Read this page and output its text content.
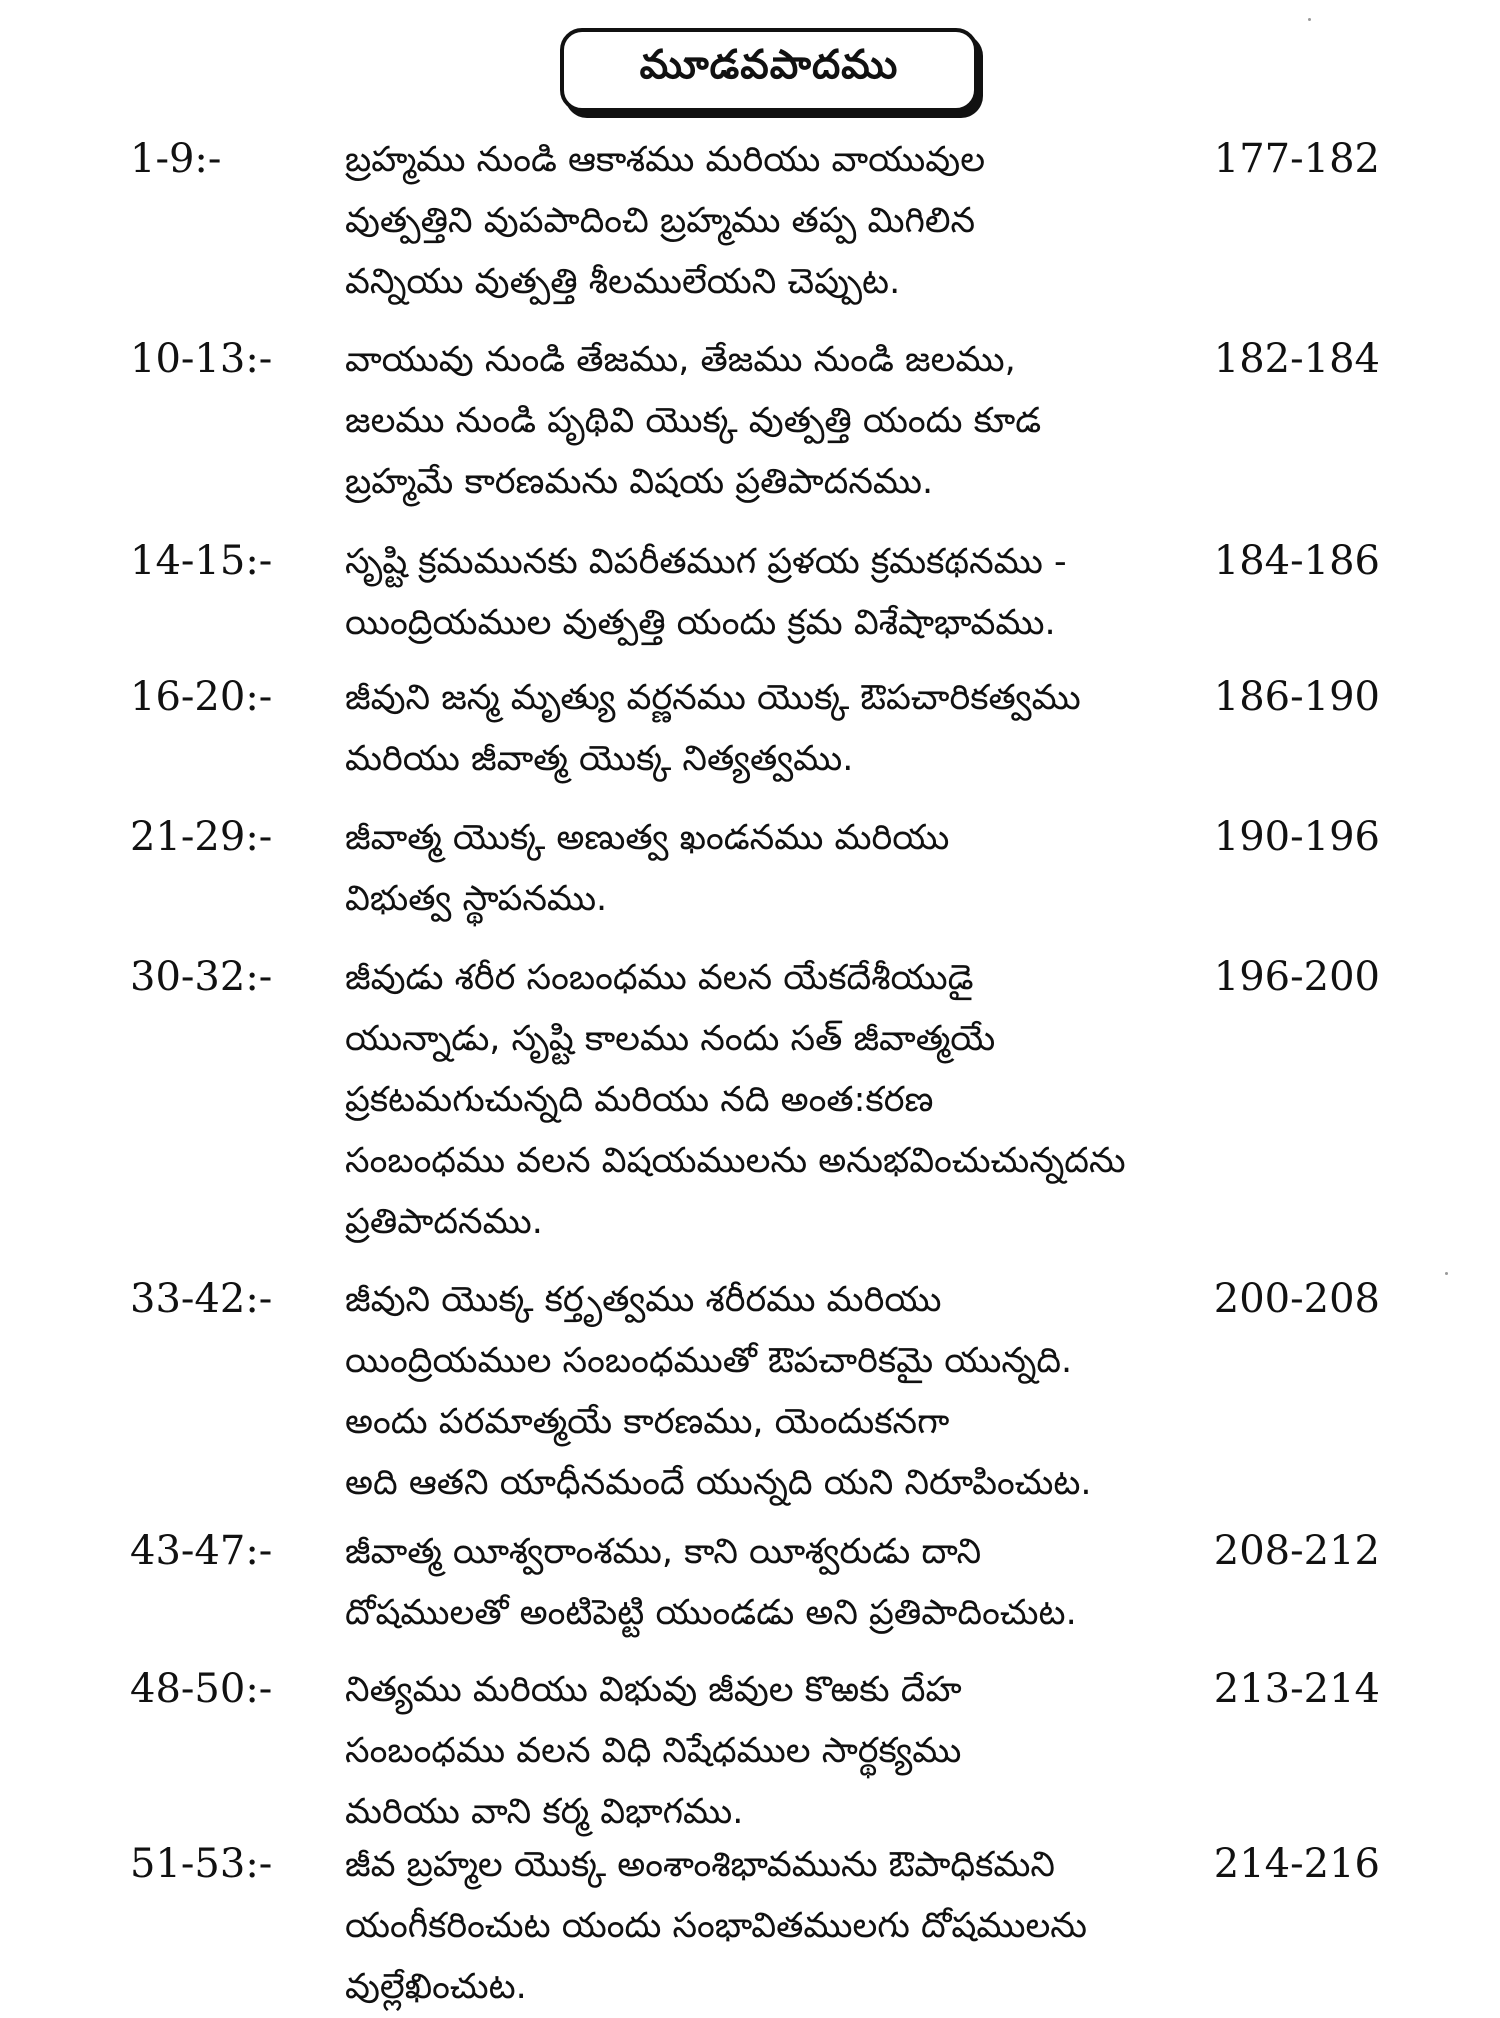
మూడవపాదము
1-9:-	బ్రహ్మము నుండి ఆకాశము మరియు వాయువుల
వుత్పత్తిని వుపపాదించి బ్రహ్మము తప్ప మిగిలిన
వన్నియు వుత్పత్తి శీలములేయని చెప్పుట.
177-182
10-13:- వాయువు నుండి తేజము, తేజము నుండి జలము,
జలము నుండి పృథివి యొక్క వుత్పత్తి యందు కూడ
బ్రహ్మమే కారణమను విషయ ప్రతిపాదనము.
182-184
14-15:- సృష్టి క్రమమునకు విపరీతముగ ప్రళయ క్రమకథనము -
యింద్రియముల వుత్పత్తి యందు క్రమ విశేషాభావము.
184-186
16-20:- జీవుని జన్మ మృత్యు వర్ణనము యొక్క ఔపచారికత్వము
మరియు జీవాత్మ యొక్క నిత్యత్వము.
186-190
21-29:- జీవాత్మ యొక్క అణుత్వ ఖండనము మరియు
విభుత్వ స్థాపనము.
190-196
30-32:- జీవుడు శరీర సంబంధము వలన యేకదేశీయుడై
యున్నాడు, సృష్టి కాలము నందు సత్ జీవాత్మయే
ప్రకటమగుచున్నది మరియు నది అంత:కరణ
సంబంధము వలన విషయములను అనుభవించుచున్నదను
ప్రతిపాదనము.
196-200
33-42:- జీవుని యొక్క కర్తృత్వము శరీరము మరియు
యింద్రియముల సంబంధముతో ఔపచారికమై యున్నది.
అందు పరమాత్మయే కారణము, యెందుకనగా
అది ఆతని యాధీనమందే యున్నది యని నిరూపించుట.
200-208
43-47:- జీవాత్మ యీశ్వరాంశము, కాని యీశ్వరుడు దాని
దోషములతో అంటిపెట్టి యుండడు అని ప్రతిపాదించుట.
208-212
48-50:- నిత్యము మరియు విభువు జీవుల కొఱకు దేహ
సంబంధము వలన విధి నిషేధముల సార్థక్యము
మరియు వాని కర్మ విభాగము.
213-214
51-53:- జీవ బ్రహ్మల యొక్క అంశాంశిభావమును ఔపాధికమని
యంగీకరించుట యందు సంభావితములగు దోషములను
వుల్లేఖించుట.
214-216
